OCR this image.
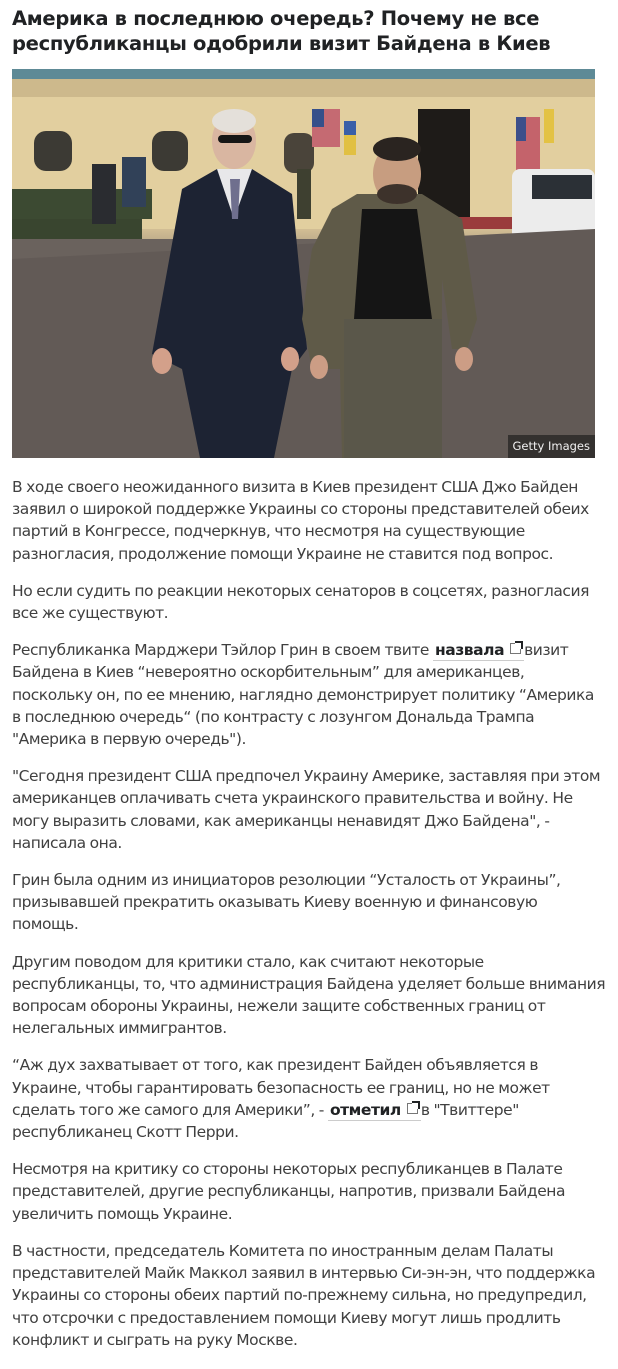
Америка в последнюю очередь? Почему не все республиканцы одобрили визит Байдена в Киев
Getty Images

В ходе своего неожиданного визита в Киев президент США Джо Байден заявил о широкой поддержке Украины со стороны представителей обеих партий в Конгрессе, подчеркнув, что несмотря на существующие разногласия, продолжение помощи Украине не ставится под вопрос.

Но если судить по реакции некоторых сенаторов в соцсетях, разногласия все же существуют.

Республиканка Марджери Тэйлор Грин в своем твите назвала визит Байдена в Киев “невероятно оскорбительным” для американцев, поскольку он, по ее мнению, наглядно демонстрирует политику “Америка в последнюю очередь“ (по контрасту с лозунгом Дональда Трампа "Америка в первую очередь").

"Сегодня президент США предпочел Украину Америке, заставляя при этом американцев оплачивать счета украинского правительства и войну. Не могу выразить словами, как американцы ненавидят Джо Байдена", - написала она.

Грин была одним из инициаторов резолюции “Усталость от Украины”, призывавшей прекратить оказывать Киеву военную и финансовую помощь.

Другим поводом для критики стало, как считают некоторые республиканцы, то, что администрация Байдена уделяет больше внимания вопросам обороны Украины, нежели защите собственных границ от нелегальных иммигрантов.

“Аж дух захватывает от того, как президент Байден объявляется в Украине, чтобы гарантировать безопасность ее границ, но не может сделать того же самого для Америки”, - отметил в "Твиттере" республиканец Скотт Перри.

Несмотря на критику со стороны некоторых республиканцев в Палате представителей, другие республиканцы, напротив, призвали Байдена увеличить помощь Украине.

В частности, председатель Комитета по иностранным делам Палаты представителей Майк Маккол заявил в интервью Си-эн-эн, что поддержка Украины со стороны обеих партий по-прежнему сильна, но предупредил, что отсрочки с предоставлением помощи Киеву могут лишь продлить конфликт и сыграть на руку Москве.
